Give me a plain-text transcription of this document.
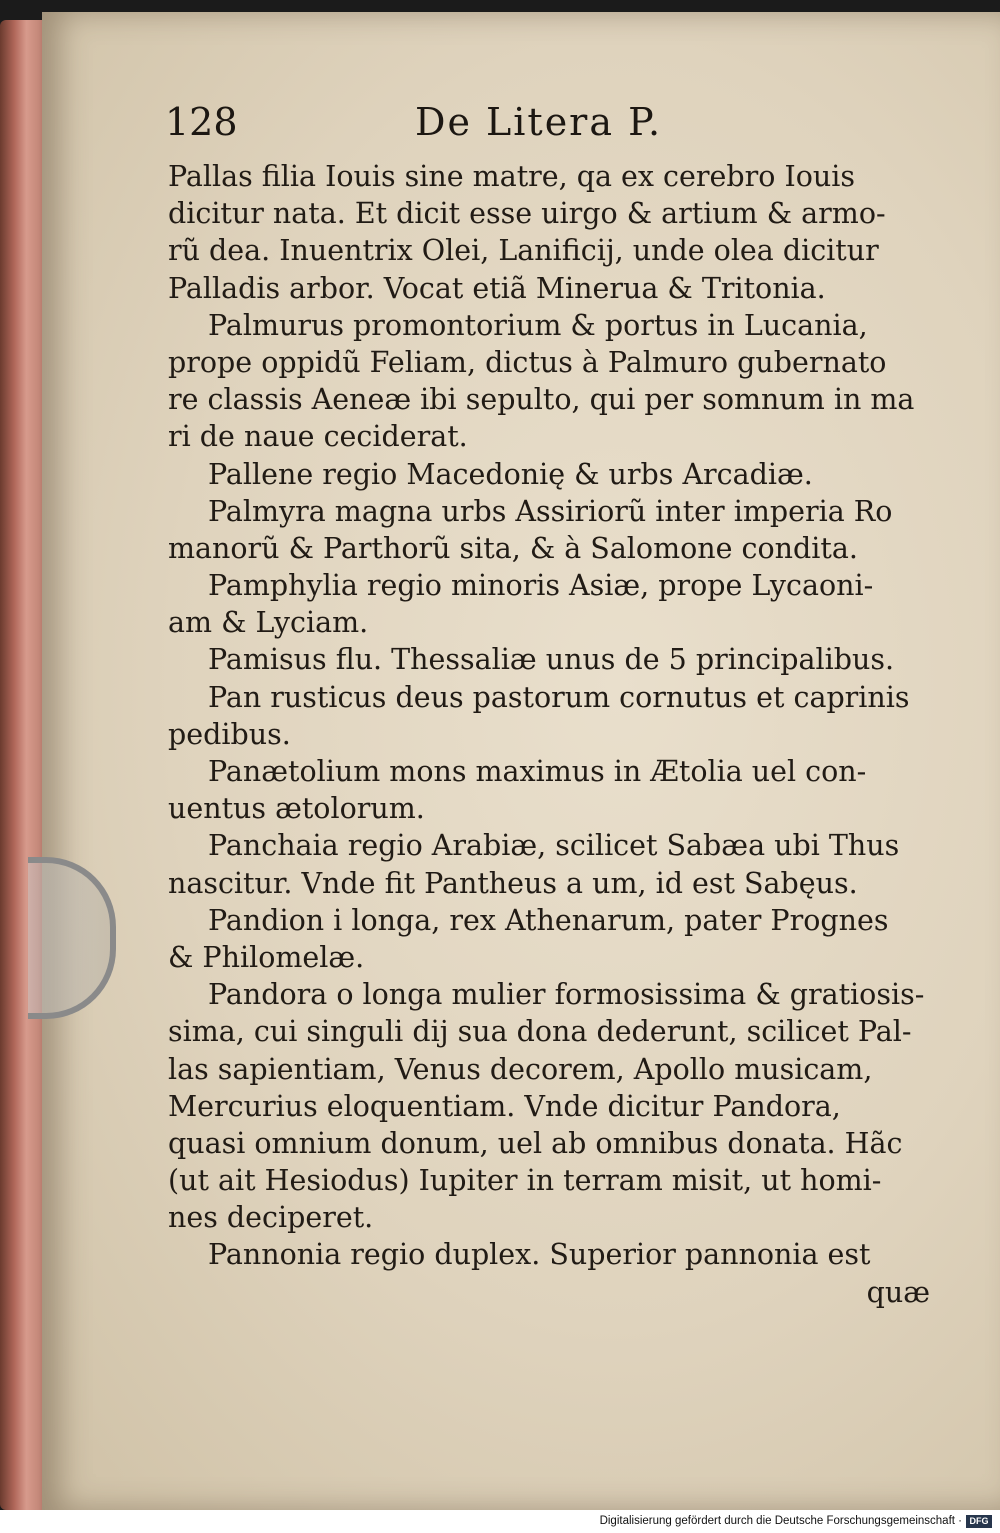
128	De Litera P.
Pallas filia Iouis sine matre, qa ex cerebro Iouis
dicitur nata. Et dicit esse uirgo & artium & armo-
rũ dea. Inuentrix Olei, Lanificij, unde olea dicitur
Palladis arbor. Vocat etiã Minerua & Tritonia.
Palmurus promontorium & portus in Lucania,
prope oppidũ Feliam, dictus à Palmuro gubernato
re classis Aeneæ ibi sepulto, qui per somnum in ma
ri de naue ceciderat.
Pallene regio Macedonię & urbs Arcadiæ.
Palmyra magna urbs Assiriorũ inter imperia Ro
manorũ & Parthorũ sita, & à Salomone condita.
Pamphylia regio minoris Asiæ, prope Lycaoni-
am & Lyciam.
Pamisus flu. Thessaliæ unus de 5 principalibus.
Pan rusticus deus pastorum cornutus et caprinis
pedibus.
Panætolium mons maximus in Ætolia uel con-
uentus ætolorum.
Panchaia regio Arabiæ, scilicet Sabæa ubi Thus
nascitur. Vnde fit Pantheus a um, id est Sabęus.
Pandion i longa, rex Athenarum, pater Prognes
& Philomelæ.
Pandora o longa mulier formosissima & gratiosis-
sima, cui singuli dij sua dona dederunt, scilicet Pal-
las sapientiam, Venus decorem, Apollo musicam,
Mercurius eloquentiam. Vnde dicitur Pandora,
quasi omnium donum, uel ab omnibus donata. Hãc
(ut ait Hesiodus) Iupiter in terram misit, ut homi-
nes deciperet.
Pannonia regio duplex. Superior pannonia est
quæ
Digitalisierung gefördert durch die Deutsche Forschungsgemeinschaft · DFG
